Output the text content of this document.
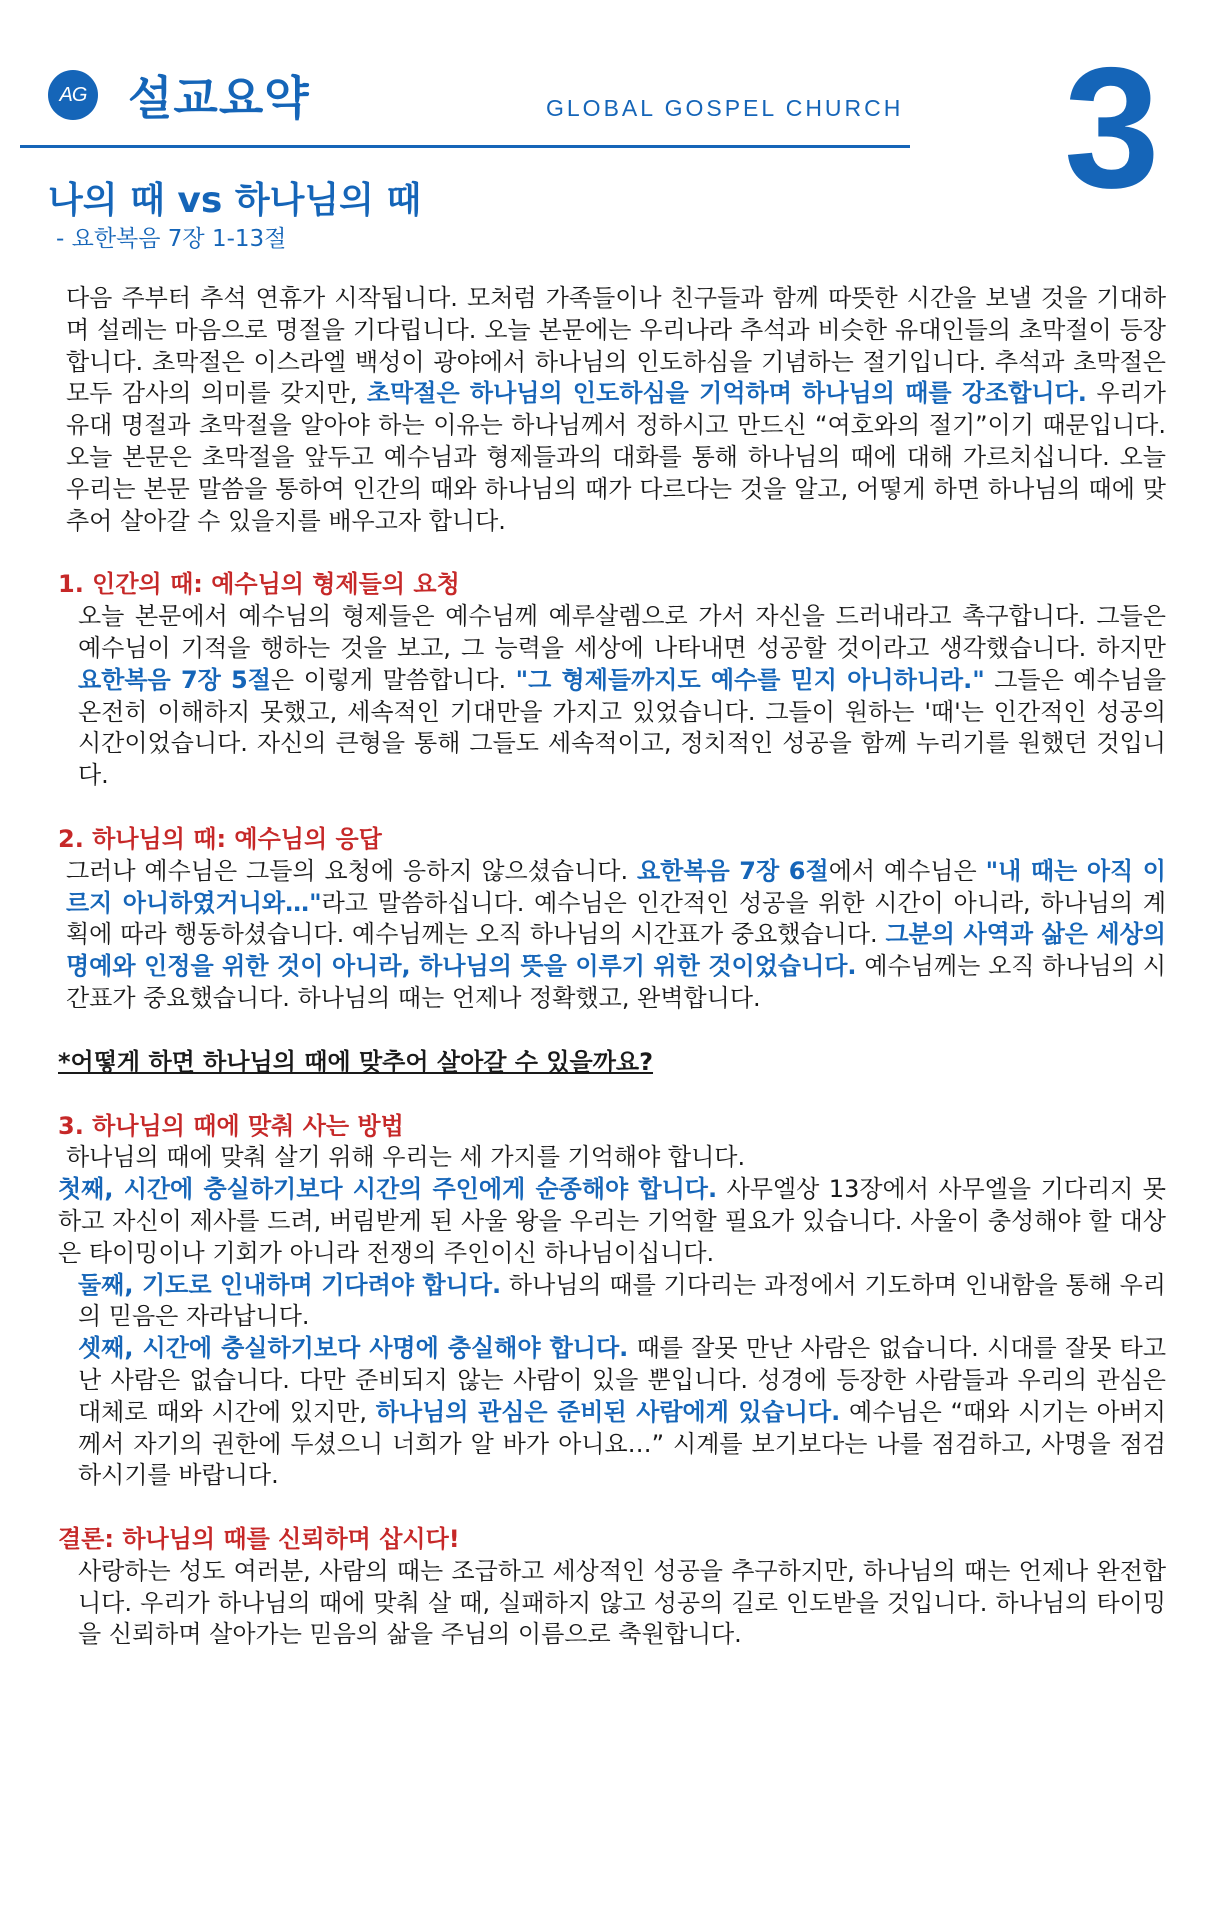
AG 설교요약	GLOBAL GOSPEL CHURCH 3
나의 때 vs 하나님의 때
- 요한복음 7장 1-13절

다음 주부터 추석 연휴가 시작됩니다. 모처럼 가족들이나 친구들과 함께 따뜻한 시간을 보낼 것을 기대하며 설레는 마음으로 명절을 기다립니다. 오늘 본문에는 우리나라 추석과 비슷한 유대인들의 초막절이 등장합니다. 초막절은 이스라엘 백성이 광야에서 하나님의 인도하심을 기념하는 절기입니다. 추석과 초막절은 모두 감사의 의미를 갖지만, 초막절은 하나님의 인도하심을 기억하며 하나님의 때를 강조합니다. 우리가 유대 명절과 초막절을 알아야 하는 이유는 하나님께서 정하시고 만드신 “여호와의 절기”이기 때문입니다. 오늘 본문은 초막절을 앞두고 예수님과 형제들과의 대화를 통해 하나님의 때에 대해 가르치십니다. 오늘 우리는 본문 말씀을 통하여 인간의 때와 하나님의 때가 다르다는 것을 알고, 어떻게 하면 하나님의 때에 맞추어 살아갈 수 있을지를 배우고자 합니다.

1. 인간의 때: 예수님의 형제들의 요청

오늘 본문에서 예수님의 형제들은 예수님께 예루살렘으로 가서 자신을 드러내라고 촉구합니다. 그들은 예수님이 기적을 행하는 것을 보고, 그 능력을 세상에 나타내면 성공할 것이라고 생각했습니다. 하지만 요한복음 7장 5절은 이렇게 말씀합니다. "그 형제들까지도 예수를 믿지 아니하니라." 그들은 예수님을 온전히 이해하지 못했고, 세속적인 기대만을 가지고 있었습니다. 그들이 원하는 '때'는 인간적인 성공의 시간이었습니다. 자신의 큰형을 통해 그들도 세속적이고, 정치적인 성공을 함께 누리기를 원했던 것입니다.

2. 하나님의 때: 예수님의 응답

그러나 예수님은 그들의 요청에 응하지 않으셨습니다. 요한복음 7장 6절에서 예수님은 "내 때는 아직 이르지 아니하였거니와…"라고 말씀하십니다. 예수님은 인간적인 성공을 위한 시간이 아니라, 하나님의 계획에 따라 행동하셨습니다. 예수님께는 오직 하나님의 시간표가 중요했습니다. 그분의 사역과 삶은 세상의 명예와 인정을 위한 것이 아니라, 하나님의 뜻을 이루기 위한 것이었습니다. 예수님께는 오직 하나님의 시간표가 중요했습니다. 하나님의 때는 언제나 정확했고, 완벽합니다.

*어떻게 하면 하나님의 때에 맞추어 살아갈 수 있을까요?

3. 하나님의 때에 맞춰 사는 방법

하나님의 때에 맞춰 살기 위해 우리는 세 가지를 기억해야 합니다.

첫째, 시간에 충실하기보다 시간의 주인에게 순종해야 합니다. 사무엘상 13장에서 사무엘을 기다리지 못하고 자신이 제사를 드려, 버림받게 된 사울 왕을 우리는 기억할 필요가 있습니다. 사울이 충성해야 할 대상은 타이밍이나 기회가 아니라 전쟁의 주인이신 하나님이십니다.

둘째, 기도로 인내하며 기다려야 합니다. 하나님의 때를 기다리는 과정에서 기도하며 인내함을 통해 우리의 믿음은 자라납니다.

셋째, 시간에 충실하기보다 사명에 충실해야 합니다. 때를 잘못 만난 사람은 없습니다. 시대를 잘못 타고난 사람은 없습니다. 다만 준비되지 않는 사람이 있을 뿐입니다. 성경에 등장한 사람들과 우리의 관심은 대체로 때와 시간에 있지만, 하나님의 관심은 준비된 사람에게 있습니다. 예수님은 “때와 시기는 아버지께서 자기의 권한에 두셨으니 너희가 알 바가 아니요…” 시계를 보기보다는 나를 점검하고, 사명을 점검하시기를 바랍니다.

결론: 하나님의 때를 신뢰하며 삽시다!

사랑하는 성도 여러분, 사람의 때는 조급하고 세상적인 성공을 추구하지만, 하나님의 때는 언제나 완전합니다. 우리가 하나님의 때에 맞춰 살 때, 실패하지 않고 성공의 길로 인도받을 것입니다. 하나님의 타이밍을 신뢰하며 살아가는 믿음의 삶을 주님의 이름으로 축원합니다.
